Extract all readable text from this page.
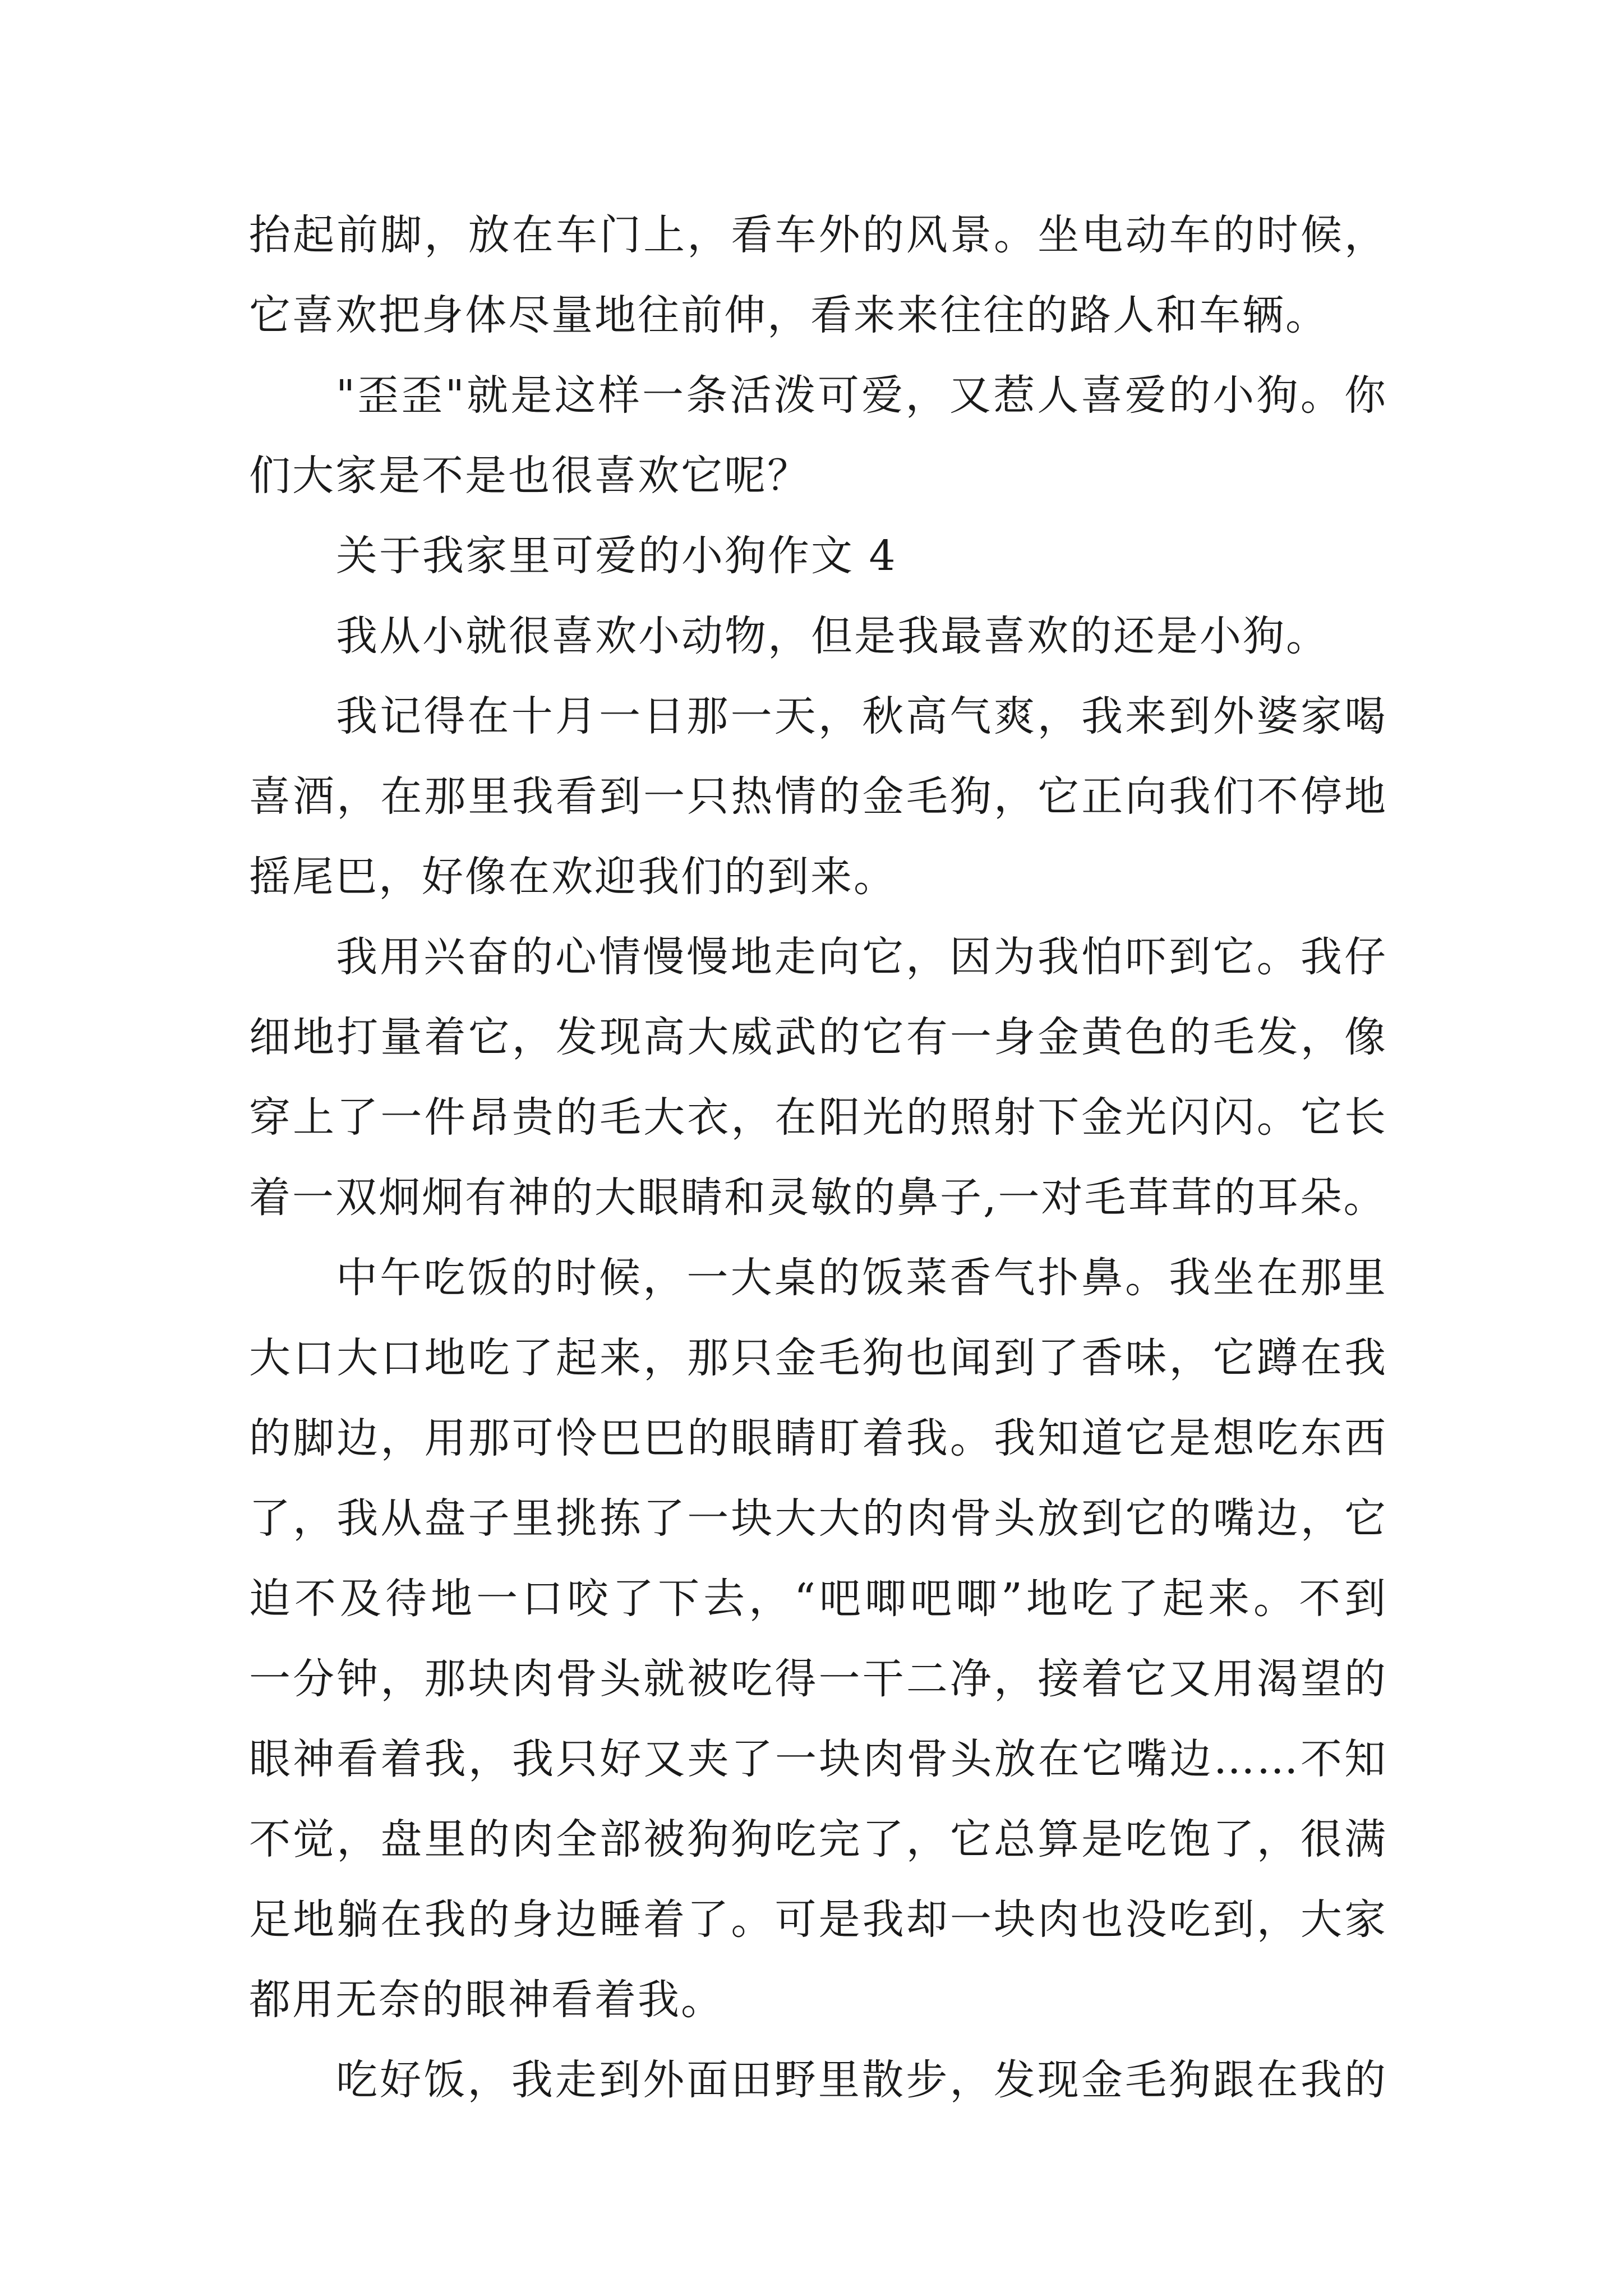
抬起前脚，放在车门上，看车外的风景。坐电动车的时候，
它喜欢把身体尽量地往前伸，看来来往往的路人和车辆。
"歪歪"就是这样一条活泼可爱，又惹人喜爱的小狗。你
们大家是不是也很喜欢它呢？
关于我家里可爱的小狗作文 4
我从小就很喜欢小动物，但是我最喜欢的还是小狗。
我记得在十月一日那一天，秋高气爽，我来到外婆家喝
喜酒，在那里我看到一只热情的金毛狗，它正向我们不停地
摇尾巴，好像在欢迎我们的到来。
我用兴奋的心情慢慢地走向它，因为我怕吓到它。我仔
细地打量着它，发现高大威武的它有一身金黄色的毛发，像
穿上了一件昂贵的毛大衣，在阳光的照射下金光闪闪。它长
着一双炯炯有神的大眼睛和灵敏的鼻子,一对毛茸茸的耳朵。
中午吃饭的时候，一大桌的饭菜香气扑鼻。我坐在那里
大口大口地吃了起来，那只金毛狗也闻到了香味，它蹲在我
的脚边，用那可怜巴巴的眼睛盯着我。我知道它是想吃东西
了，我从盘子里挑拣了一块大大的肉骨头放到它的嘴边，它
迫不及待地一口咬了下去，“吧唧吧唧”地吃了起来。不到
一分钟，那块肉骨头就被吃得一干二净，接着它又用渴望的
眼神看着我，我只好又夹了一块肉骨头放在它嘴边……不知
不觉，盘里的肉全部被狗狗吃完了，它总算是吃饱了，很满
足地躺在我的身边睡着了。可是我却一块肉也没吃到，大家
都用无奈的眼神看着我。
吃好饭，我走到外面田野里散步，发现金毛狗跟在我的
